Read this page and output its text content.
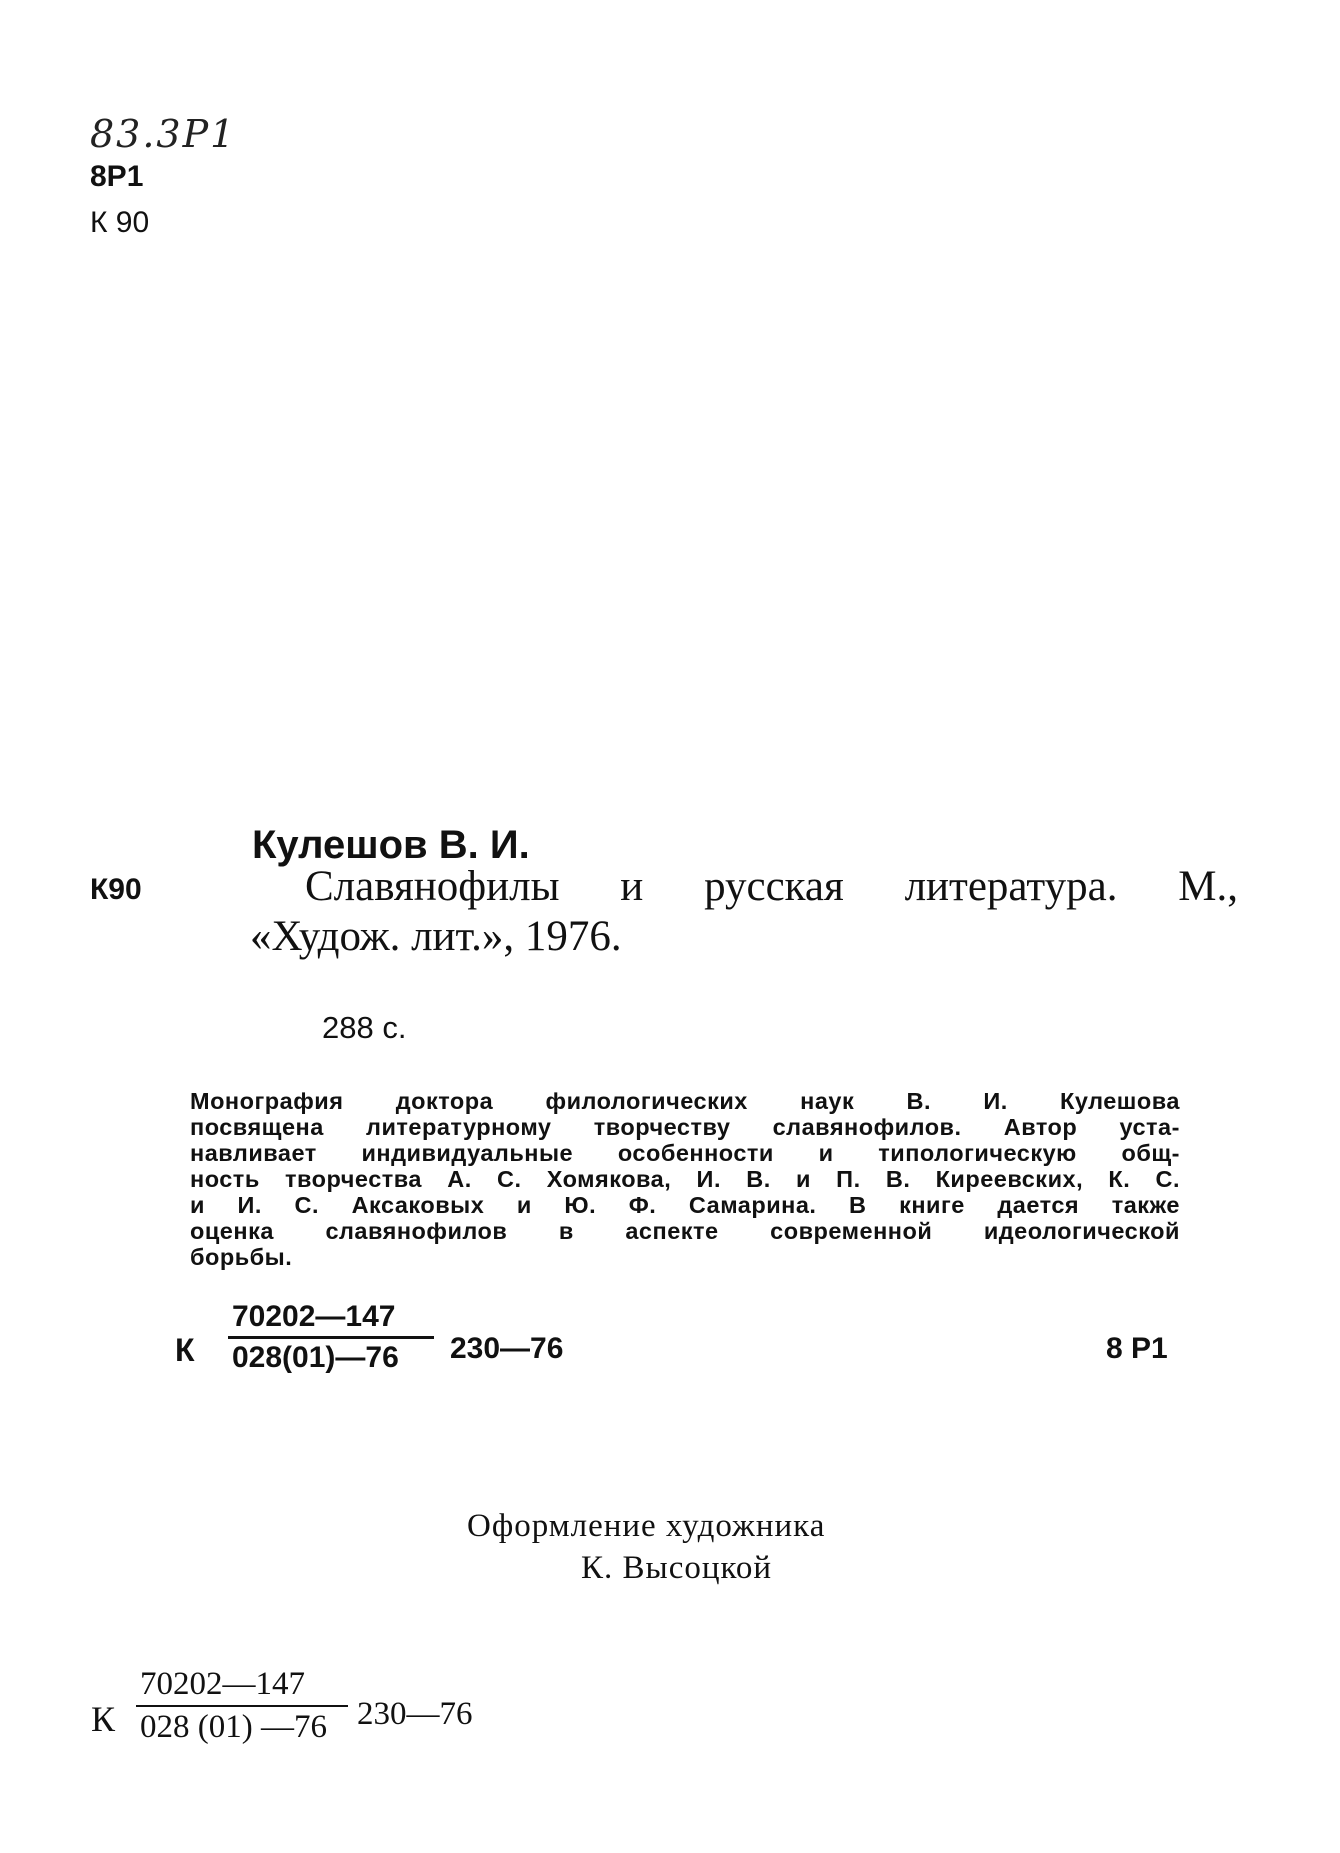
83.3Р1
8Р1
К 90
К90
Кулешов В. И.
Славянофилы и русская литература. М.,
«Худож. лит.», 1976.
288 с.
Монография доктора филологических наук В. И. Кулешова
посвящена литературному творчеству славянофилов. Автор уста-
навливает индивидуальные особенности и типологическую общ-
ность творчества А. С. Хомякова, И. В. и П. В. Киреевских, К. С.
и И. С. Аксаковых и Ю. Ф. Самарина. В книге дается также
оценка славянофилов в аспекте современной идеологической
борьбы.
К
70202—147
028(01)—76 230—76	8 Р1
Оформление художника
К. Высоцкой
К
70202—147
028 (01) —76 230—76
